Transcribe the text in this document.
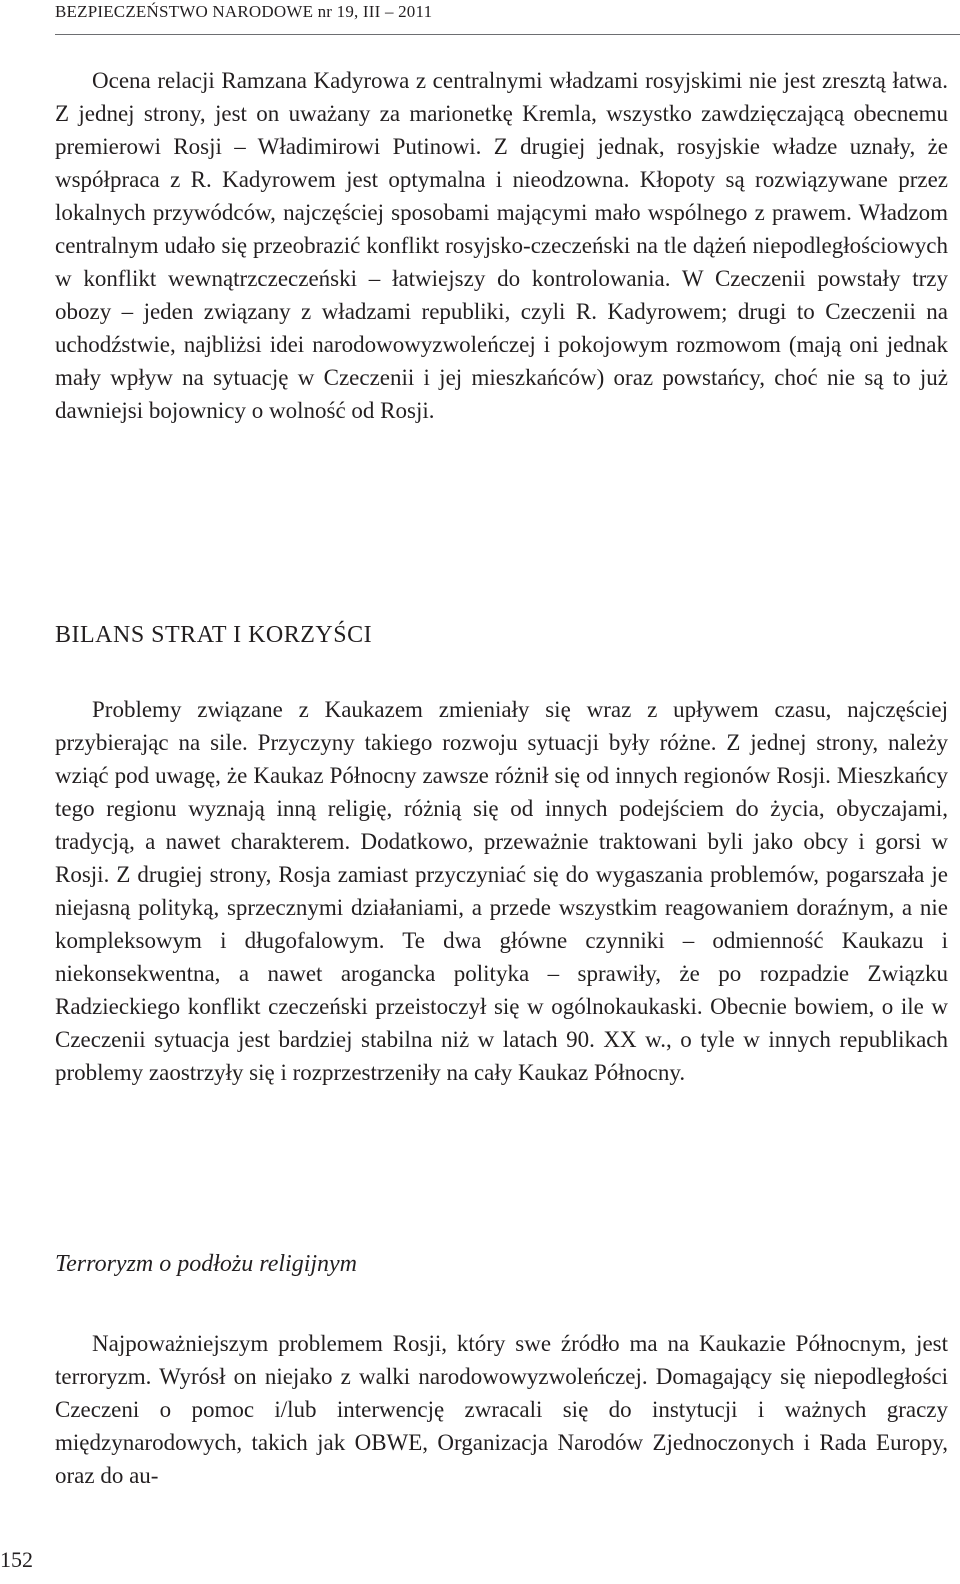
BEZPIECZEŃSTWO NARODOWE nr 19, III – 2011

Ocena relacji Ramzana Kadyrowa z centralnymi władzami rosyjskimi nie jest zresztą łatwa. Z jednej strony, jest on uważany za marionetkę Kremla, wszystko zawdzięczającą obecnemu premierowi Rosji – Władimirowi Putinowi. Z drugiej jednak, rosyjskie władze uznały, że współpraca z R. Kadyrowem jest optymalna i nieodzowna. Kłopoty są rozwiązywane przez lokalnych przywódców, najczęściej sposobami mającymi mało wspólnego z prawem. Władzom centralnym udało się przeobrazić konflikt rosyjsko-czeczeński na tle dążeń niepodległościowych w konflikt wewnątrzczeczeński – łatwiejszy do kontrolowania. W Czeczenii powstały trzy obozy – jeden związany z władzami republiki, czyli R. Kadyrowem; drugi to Czeczenii na uchodźstwie, najbliżsi idei narodowowyzwoleńczej i pokojowym rozmowom (mają oni jednak mały wpływ na sytuację w Czeczenii i jej mieszkańców) oraz powstańcy, choć nie są to już dawniejsi bojownicy o wolność od Rosji.

BILANS STRAT I KORZYŚCI

Problemy związane z Kaukazem zmieniały się wraz z upływem czasu, najczęściej przybierając na sile. Przyczyny takiego rozwoju sytuacji były różne. Z jednej strony, należy wziąć pod uwagę, że Kaukaz Północny zawsze różnił się od innych regionów Rosji. Mieszkańcy tego regionu wyznają inną religię, różnią się od innych podejściem do życia, obyczajami, tradycją, a nawet charakterem. Dodatkowo, przeważnie traktowani byli jako obcy i gorsi w Rosji. Z drugiej strony, Rosja zamiast przyczyniać się do wygaszania problemów, pogarszała je niejasną polityką, sprzecznymi działaniami, a przede wszystkim reagowaniem doraźnym, a nie kompleksowym i długofalowym. Te dwa główne czynniki – odmienność Kaukazu i niekonsekwentna, a nawet arogancka polityka – sprawiły, że po rozpadzie Związku Radzieckiego konflikt czeczeński przeistoczył się w ogólnokaukaski. Obecnie bowiem, o ile w Czeczenii sytuacja jest bardziej stabilna niż w latach 90. XX w., o tyle w innych republikach problemy zaostrzyły się i rozprzestrzeniły na cały Kaukaz Północny.

Terroryzm o podłożu religijnym

Najpoważniejszym problemem Rosji, który swe źródło ma na Kaukazie Północnym, jest terroryzm. Wyrósł on niejako z walki narodowowyzwoleńczej. Domagający się niepodległości Czeczeni o pomoc i/lub interwencję zwracali się do instytucji i ważnych graczy międzynarodowych, takich jak OBWE, Organizacja Narodów Zjednoczonych i Rada Europy, oraz do au-

152
